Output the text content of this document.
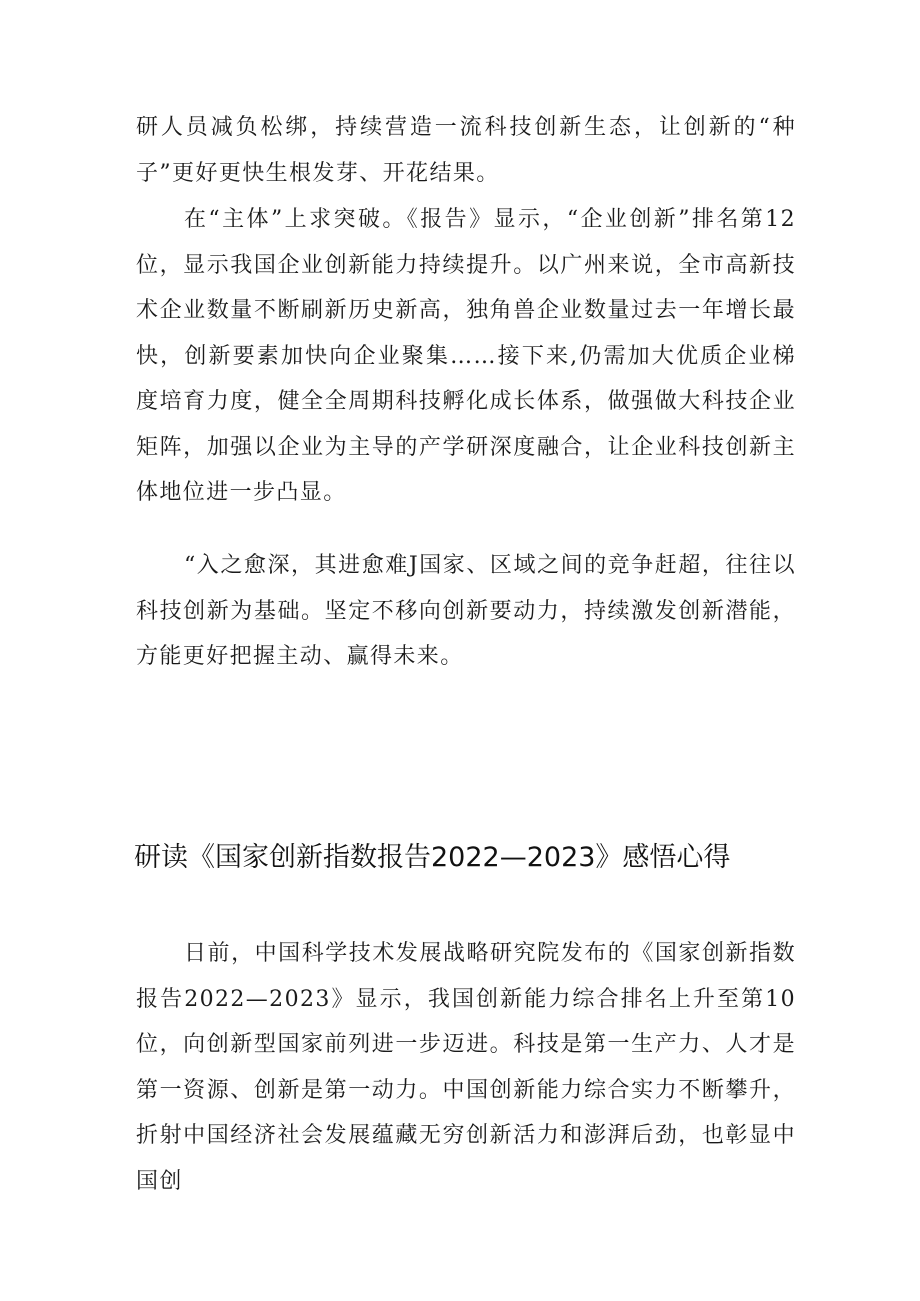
研人员减负松绑，持续营造一流科技创新生态，让创新的“种子”更好更快生根发芽、开花结果。

在“主体”上求突破。《报告》显示，“企业创新”排名第12位，显示我国企业创新能力持续提升。以广州来说，全市高新技术企业数量不断刷新历史新高，独角兽企业数量过去一年增长最快，创新要素加快向企业聚集……接下来,仍需加大优质企业梯度培育力度，健全全周期科技孵化成长体系，做强做大科技企业矩阵，加强以企业为主导的产学研深度融合，让企业科技创新主体地位进一步凸显。

“入之愈深，其进愈难J国家、区域之间的竞争赶超，往往以科技创新为基础。坚定不移向创新要动力，持续激发创新潜能，方能更好把握主动、赢得未来。

研读《国家创新指数报告2022—2023》感悟心得

日前，中国科学技术发展战略研究院发布的《国家创新指数报告2022—2023》显示，我国创新能力综合排名上升至第10位，向创新型国家前列进一步迈进。科技是第一生产力、人才是第一资源、创新是第一动力。中国创新能力综合实力不断攀升，折射中国经济社会发展蕴藏无穷创新活力和澎湃后劲，也彰显中国创
